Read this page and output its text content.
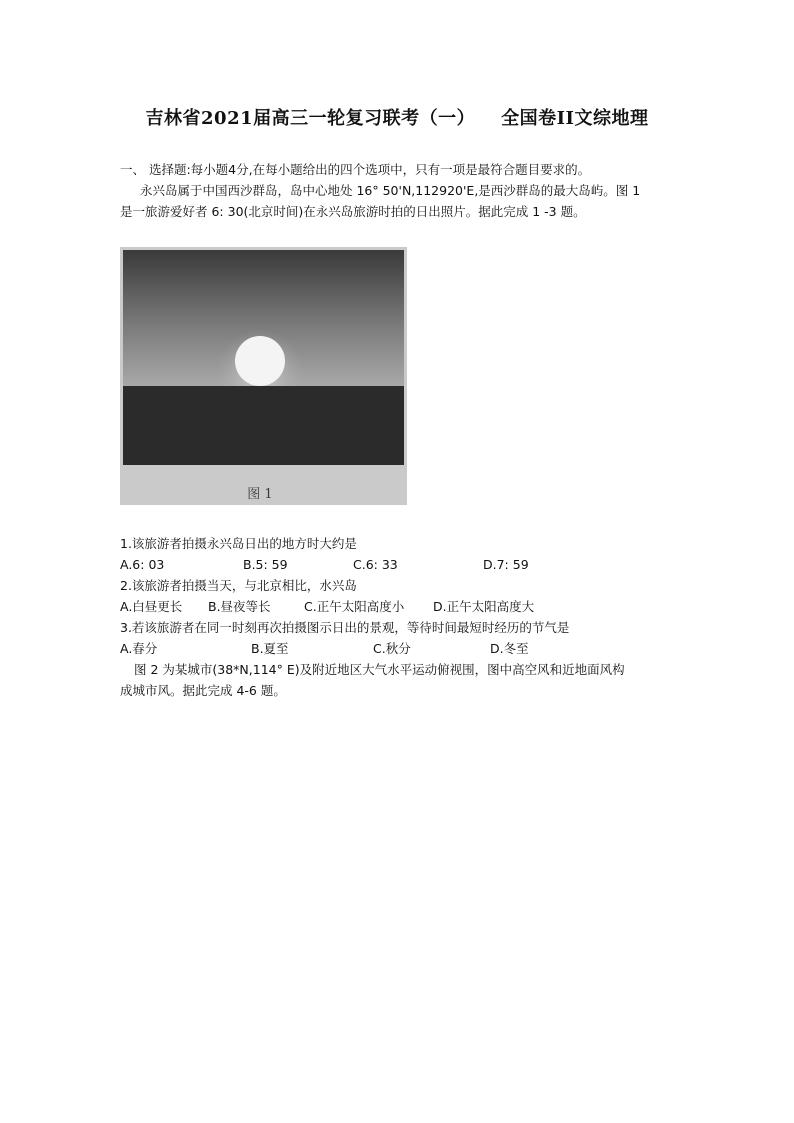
吉林省2021届高三一轮复习联考（一） 全国卷II文综地理
一、 选择题:每小题4分,在每小题给出的四个选项中，只有一项是最符合题目要求的。
永兴岛属于中国西沙群岛，岛中心地处 16° 50'N,112920'E,是西沙群岛的最大岛屿。图 1
是一旅游爱好者 6: 30(北京时间)在永兴岛旅游时拍的日出照片。据此完成 1 -3 题。
图 1
1.该旅游者拍摄永兴岛日出的地方时大约是
A.6: 03	B.5: 59	C.6: 33	D.7: 59
2.该旅游者拍摄当天，与北京相比，水兴岛
A.白昼更长 B.昼夜等长	C.正午太阳高度小 D.正午太阳高度大
3.若该旅游者在同一时刻再次拍摄图示日出的景观，等待时间最短时经历的节气是
A.春分	B.夏至	C.秋分	D.冬至
图 2 为某城市(38*N,114° E)及附近地区大气水平运动俯视围，图中高空风和近地面风构
成城市风。据此完成 4-6 题。
